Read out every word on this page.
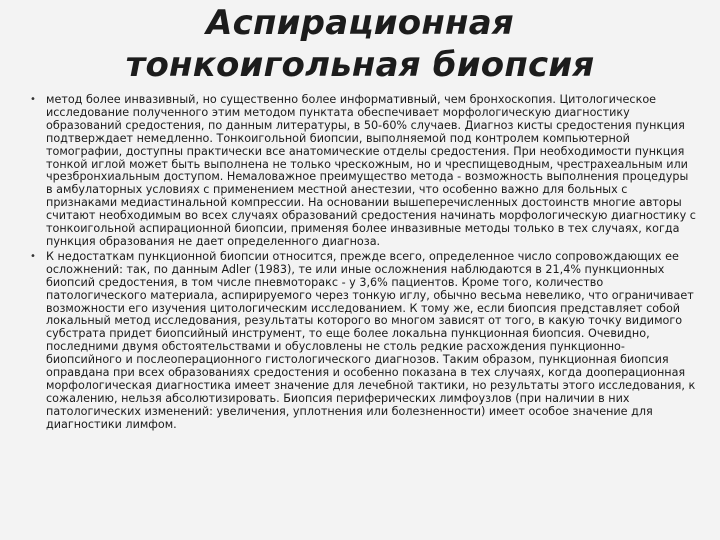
Аспирационная тонкоигольная биопсия
• метод более инвазивный, но существенно более информативный, чем бронхоскопия. Цитологическое исследование полученного этим методом пунктата обеспечивает морфологическую диагностику образований средостения, по данным литературы, в 50-60% случаев. Диагноз кисты средостения пункция подтверждает немедленно. Тонкоигольной биопсии, выполняемой под контролем компьютерной томографии, доступны практически все анатомические отделы средостения. При необходимости пункция тонкой иглой может быть выполнена не только чрескожным, но и чреспищеводным, чрестрахеальным или чрезбронхиальным доступом. Немаловажное преимущество метода - возможность выполнения процедуры в амбулаторных условиях с применением местной анестезии, что особенно важно для больных с признаками медиастинальной компрессии. На основании вышеперечисленных достоинств многие авторы считают необходимым во всех случаях образований средостения начинать морфологическую диагностику с тонкоигольной аспирационной биопсии, применяя более инвазивные методы только в тех случаях, когда пункция образования не дает определенного диагноза.
• К недостаткам пункционной биопсии относится, прежде всего, определенное число сопровождающих ее осложнений: так, по данным Adler (1983), те или иные осложнения наблюдаются в 21,4% пункционных биопсий средостения, в том числе пневмоторакс - у 3,6% пациентов. Кроме того, количество патологического материала, аспирируемого через тонкую иглу, обычно весьма невелико, что ограничивает возможности его изучения цитологическим исследованием. К тому же, если биопсия представляет собой локальный метод исследования, результаты которого во многом зависят от того, в какую точку видимого субстрата придет биопсийный инструмент, то еще более локальна пункционная биопсия. Очевидно, последними двумя обстоятельствами и обусловлены не столь редкие расхождения пункционно-биопсийного и послеоперационного гистологического диагнозов. Таким образом, пункционная биопсия оправдана при всех образованиях средостения и особенно показана в тех случаях, когда дооперационная морфологическая диагностика имеет значение для лечебной тактики, но результаты этого исследования, к сожалению, нельзя абсолютизировать. Биопсия периферических лимфоузлов (при наличии в них патологических изменений: увеличения, уплотнения или болезненности) имеет особое значение для диагностики лимфом.
